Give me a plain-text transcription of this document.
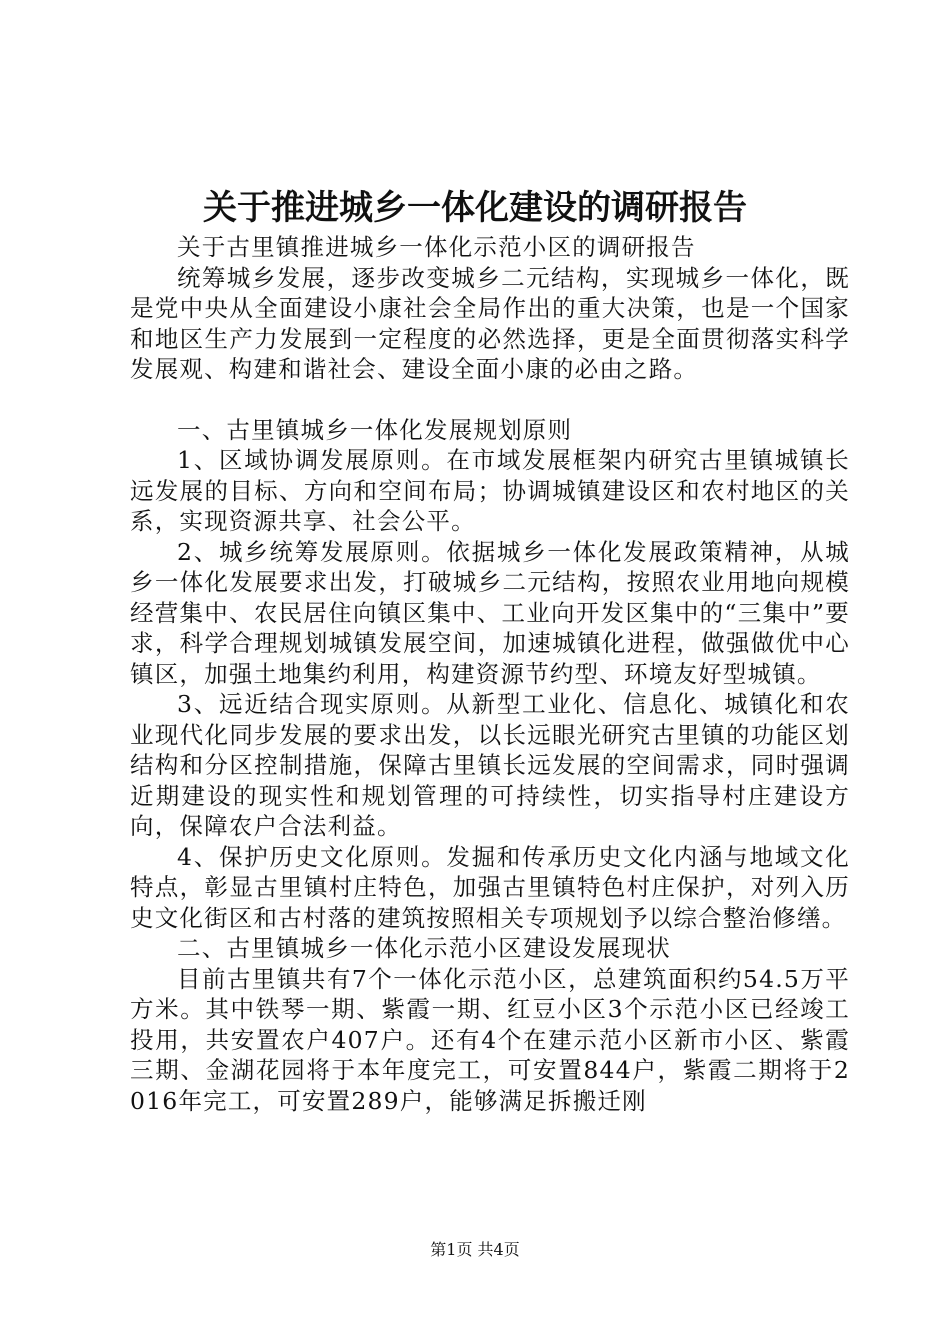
关于推进城乡一体化建设的调研报告

关于古里镇推进城乡一体化示范小区的调研报告

统筹城乡发展，逐步改变城乡二元结构，实现城乡一体化，既是党中央从全面建设小康社会全局作出的重大决策，也是一个国家和地区生产力发展到一定程度的必然选择，更是全面贯彻落实科学发展观、构建和谐社会、建设全面小康的必由之路。

一、古里镇城乡一体化发展规划原则

1、区域协调发展原则。在市域发展框架内研究古里镇城镇长远发展的目标、方向和空间布局；协调城镇建设区和农村地区的关系，实现资源共享、社会公平。

2、城乡统筹发展原则。依据城乡一体化发展政策精神，从城乡一体化发展要求出发，打破城乡二元结构，按照农业用地向规模经营集中、农民居住向镇区集中、工业向开发区集中的“三集中”要求，科学合理规划城镇发展空间，加速城镇化进程，做强做优中心镇区，加强土地集约利用，构建资源节约型、环境友好型城镇。

3、远近结合现实原则。从新型工业化、信息化、城镇化和农业现代化同步发展的要求出发，以长远眼光研究古里镇的功能区划结构和分区控制措施，保障古里镇长远发展的空间需求，同时强调近期建设的现实性和规划管理的可持续性，切实指导村庄建设方向，保障农户合法利益。

4、保护历史文化原则。发掘和传承历史文化内涵与地域文化特点，彰显古里镇村庄特色，加强古里镇特色村庄保护，对列入历史文化街区和古村落的建筑按照相关专项规划予以综合整治修缮。

二、古里镇城乡一体化示范小区建设发展现状

目前古里镇共有7个一体化示范小区，总建筑面积约54.5万平方米。其中铁琴一期、紫霞一期、红豆小区3个示范小区已经竣工投用，共安置农户407户。还有4个在建示范小区新市小区、紫霞三期、金湖花园将于本年度完工，可安置844户，紫霞二期将于2016年完工，可安置289户，能够满足拆搬迁刚

第1页 共4页
